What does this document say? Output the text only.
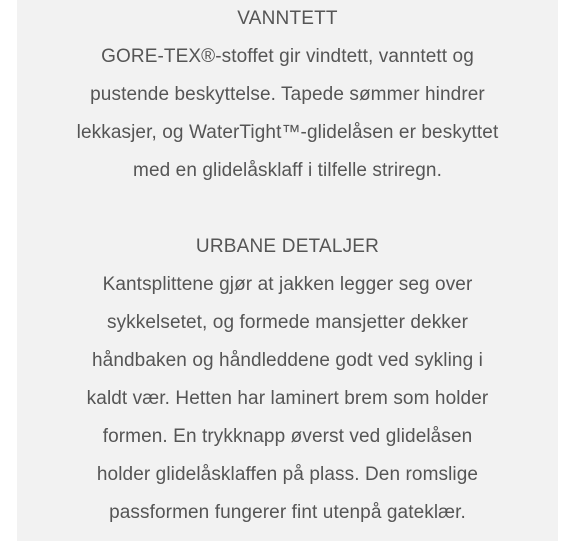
VANNTETT

GORE-TEX®-stoffet gir vindtett, vanntett og
pustende beskyttelse. Tapede sømmer hindrer
lekkasjer, og WaterTight™-glidelåsen er beskyttet
med en glidelåsklaff i tilfelle strіregn.

URBANE DETALJER

Kantsplittene gjør at jakken legger seg over
sykkelsetet, og formede mansjetter dekker
håndbaken og håndleddene godt ved sykling i
kaldt vær. Hetten har laminert brem som holder
formen. En trykknapp øverst ved glidelåsen
holder glidelåsklaffen på plass. Den romslige
passformen fungerer fint utenpå gateklær.
